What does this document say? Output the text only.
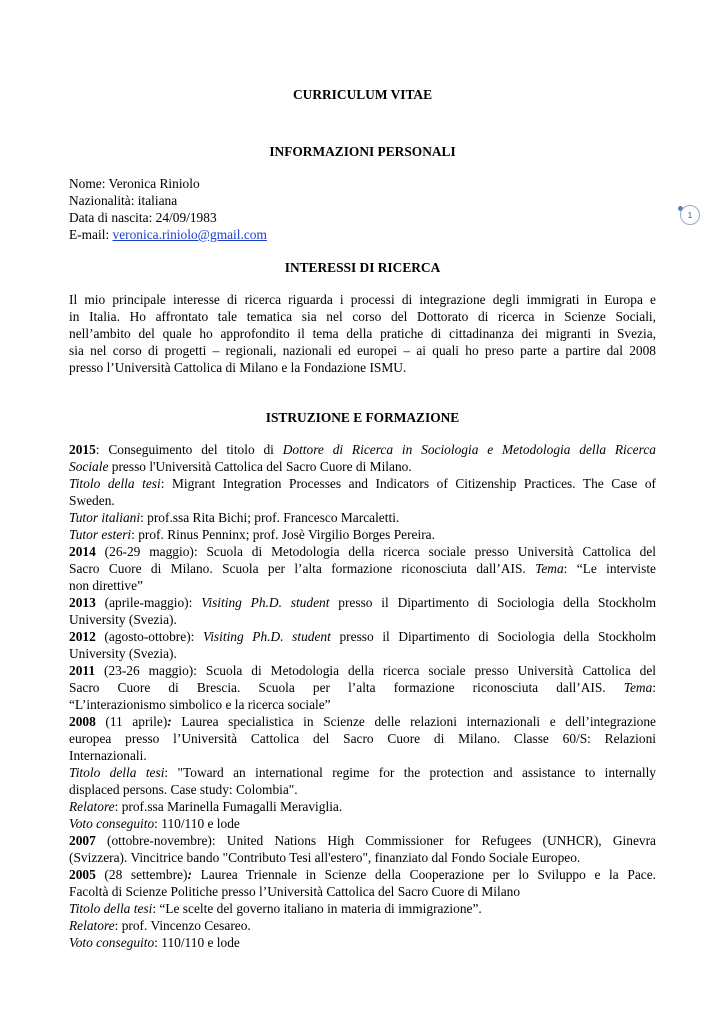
1
CURRICULUM VITAE
INFORMAZIONI PERSONALI
Nome: Veronica Riniolo
Nazionalità: italiana
Data di nascita: 24/09/1983
E-mail: veronica.riniolo@gmail.com
INTERESSI DI RICERCA
Il mio principale interesse di ricerca riguarda i processi di integrazione degli immigrati in Europa e
in Italia. Ho affrontato tale tematica sia nel corso del Dottorato di ricerca in Scienze Sociali,
nell’ambito del quale ho approfondito il tema della pratiche di cittadinanza dei migranti in Svezia,
sia nel corso di progetti – regionali, nazionali ed europei – ai quali ho preso parte a partire dal 2008
presso l’Università Cattolica di Milano e la Fondazione ISMU.
ISTRUZIONE E FORMAZIONE
2015: Conseguimento del titolo di Dottore di Ricerca in Sociologia e Metodologia della Ricerca
Sociale presso l'Università Cattolica del Sacro Cuore di Milano.
Titolo della tesi: Migrant Integration Processes and Indicators of Citizenship Practices. The Case of
Sweden.
Tutor italiani: prof.ssa Rita Bichi; prof. Francesco Marcaletti.
Tutor esteri: prof. Rinus Penninx; prof. Josè Virgilio Borges Pereira.
2014 (26-29 maggio): Scuola di Metodologia della ricerca sociale presso Università Cattolica del
Sacro Cuore di Milano. Scuola per l’alta formazione riconosciuta dall’AIS. Tema: “Le interviste
non direttive”
2013 (aprile-maggio): Visiting Ph.D. student presso il Dipartimento di Sociologia della Stockholm
University (Svezia).
2012 (agosto-ottobre): Visiting Ph.D. student presso il Dipartimento di Sociologia della Stockholm
University (Svezia).
2011 (23-26 maggio): Scuola di Metodologia della ricerca sociale presso Università Cattolica del
Sacro Cuore di Brescia. Scuola per l’alta formazione riconosciuta dall’AIS. Tema:
“L’interazionismo simbolico e la ricerca sociale”
2008 (11 aprile): Laurea specialistica in Scienze delle relazioni internazionali e dell’integrazione
europea presso l’Università Cattolica del Sacro Cuore di Milano. Classe 60/S: Relazioni
Internazionali.
Titolo della tesi: "Toward an international regime for the protection and assistance to internally
displaced persons. Case study: Colombia".
Relatore: prof.ssa Marinella Fumagalli Meraviglia.
Voto conseguito: 110/110 e lode
2007 (ottobre-novembre): United Nations High Commissioner for Refugees (UNHCR), Ginevra
(Svizzera). Vincitrice bando "Contributo Tesi all'estero", finanziato dal Fondo Sociale Europeo.
2005 (28 settembre): Laurea Triennale in Scienze della Cooperazione per lo Sviluppo e la Pace.
Facoltà di Scienze Politiche presso l’Università Cattolica del Sacro Cuore di Milano
Titolo della tesi: “Le scelte del governo italiano in materia di immigrazione”.
Relatore: prof. Vincenzo Cesareo.
Voto conseguito: 110/110 e lode
